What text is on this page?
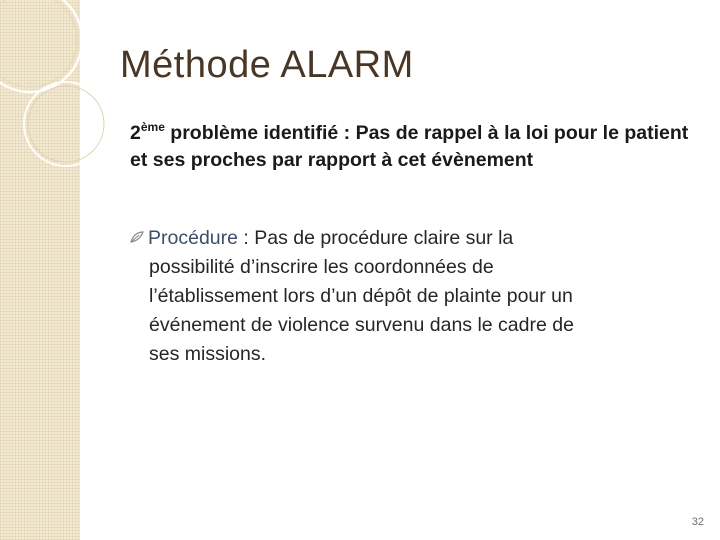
Méthode ALARM
2ème problème identifié : Pas de rappel à la loi pour le patient et ses proches par rapport à cet évènement
Procédure : Pas de procédure claire sur la
possibilité d’inscrire les coordonnées de
l’établissement lors d’un dépôt de plainte pour un
événement de violence survenu dans le cadre de
ses missions.
32
